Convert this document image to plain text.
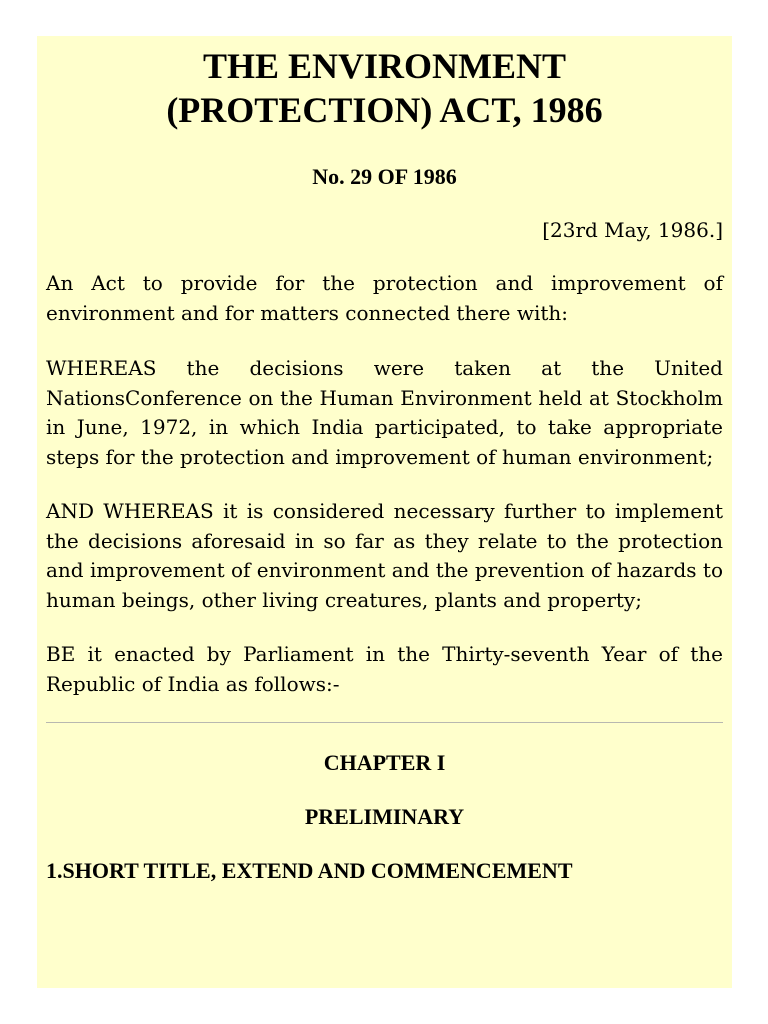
THE ENVIRONMENT
(PROTECTION) ACT, 1986

No. 29 OF 1986

[23rd May, 1986.]

An Act to provide for the protection and improvement of environment and for matters connected there with:

WHEREAS the decisions were taken at the United NationsConference on the Human Environment held at Stockholm in June, 1972, in which India participated, to take appropriate steps for the protection and improvement of human environment;

AND WHEREAS it is considered necessary further to implement the decisions aforesaid in so far as they relate to the protection and improvement of environment and the prevention of hazards to human beings, other living creatures, plants and property;

BE it enacted by Parliament in the Thirty-seventh Year of the Republic of India as follows:-

CHAPTER I

PRELIMINARY

1.SHORT TITLE, EXTEND AND COMMENCEMENT
